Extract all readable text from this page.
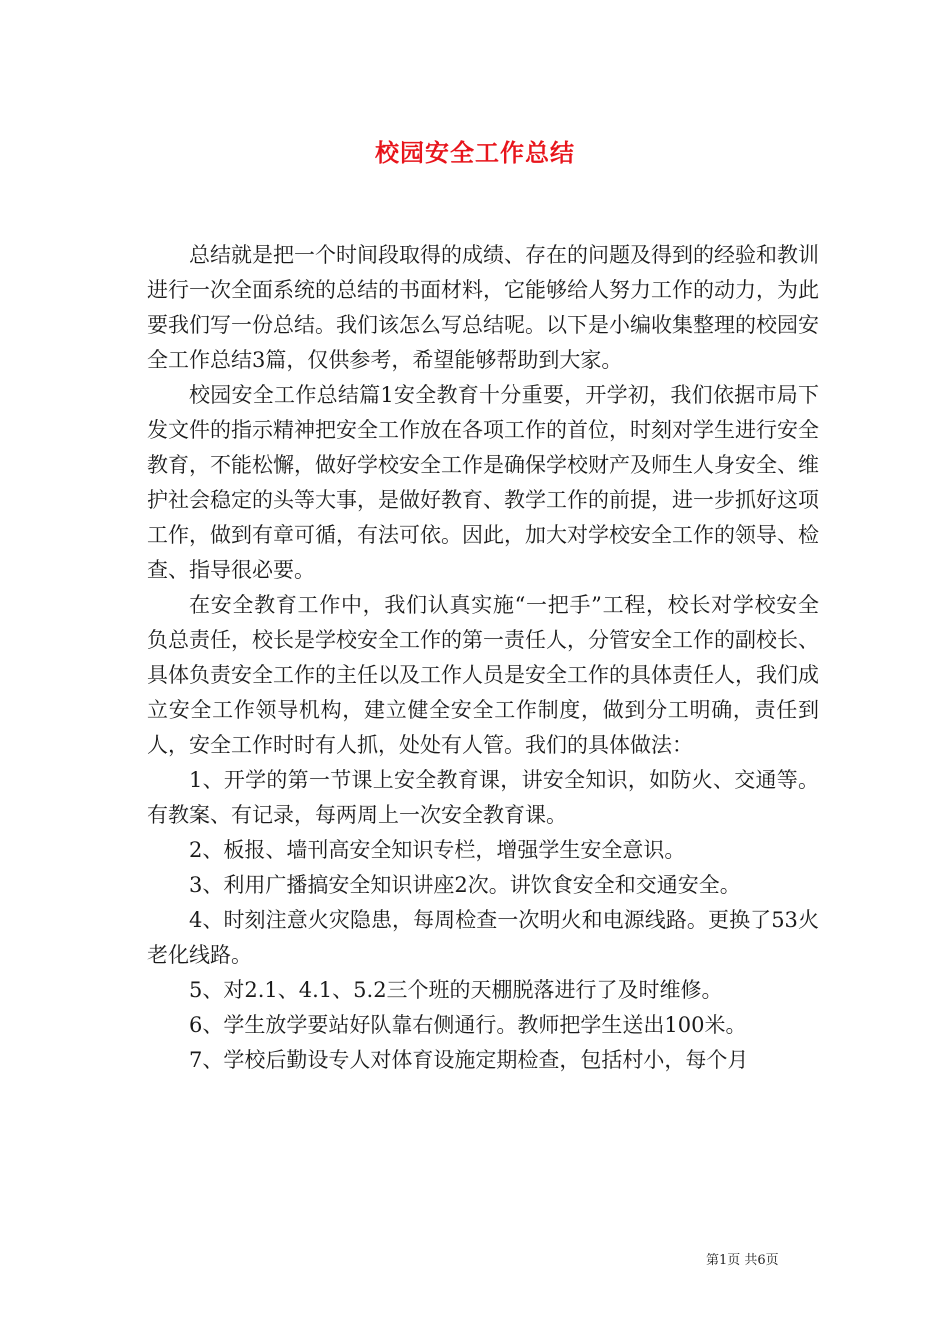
校园安全工作总结

总结就是把一个时间段取得的成绩、存在的问题及得到的经验和教训进行一次全面系统的总结的书面材料，它能够给人努力工作的动力，为此要我们写一份总结。我们该怎么写总结呢。以下是小编收集整理的校园安全工作总结3篇，仅供参考，希望能够帮助到大家。

校园安全工作总结篇1安全教育十分重要，开学初，我们依据市局下发文件的指示精神把安全工作放在各项工作的首位，时刻对学生进行安全教育，不能松懈，做好学校安全工作是确保学校财产及师生人身安全、维护社会稳定的头等大事，是做好教育、教学工作的前提，进一步抓好这项工作，做到有章可循，有法可依。因此，加大对学校安全工作的领导、检查、指导很必要。

在安全教育工作中，我们认真实施“一把手”工程，校长对学校安全负总责任，校长是学校安全工作的第一责任人，分管安全工作的副校长、具体负责安全工作的主任以及工作人员是安全工作的具体责任人，我们成立安全工作领导机构，建立健全安全工作制度，做到分工明确，责任到人，安全工作时时有人抓，处处有人管。我们的具体做法：

1、开学的第一节课上安全教育课，讲安全知识，如防火、交通等。有教案、有记录，每两周上一次安全教育课。

2、板报、墙刊高安全知识专栏，增强学生安全意识。

3、利用广播搞安全知识讲座2次。讲饮食安全和交通安全。

4、时刻注意火灾隐患，每周检查一次明火和电源线路。更换了53火老化线路。

5、对2.1、4.1、5.2三个班的天棚脱落进行了及时维修。

6、学生放学要站好队靠右侧通行。教师把学生送出100米。

7、学校后勤设专人对体育设施定期检查，包括村小，每个月

第1页 共6页
